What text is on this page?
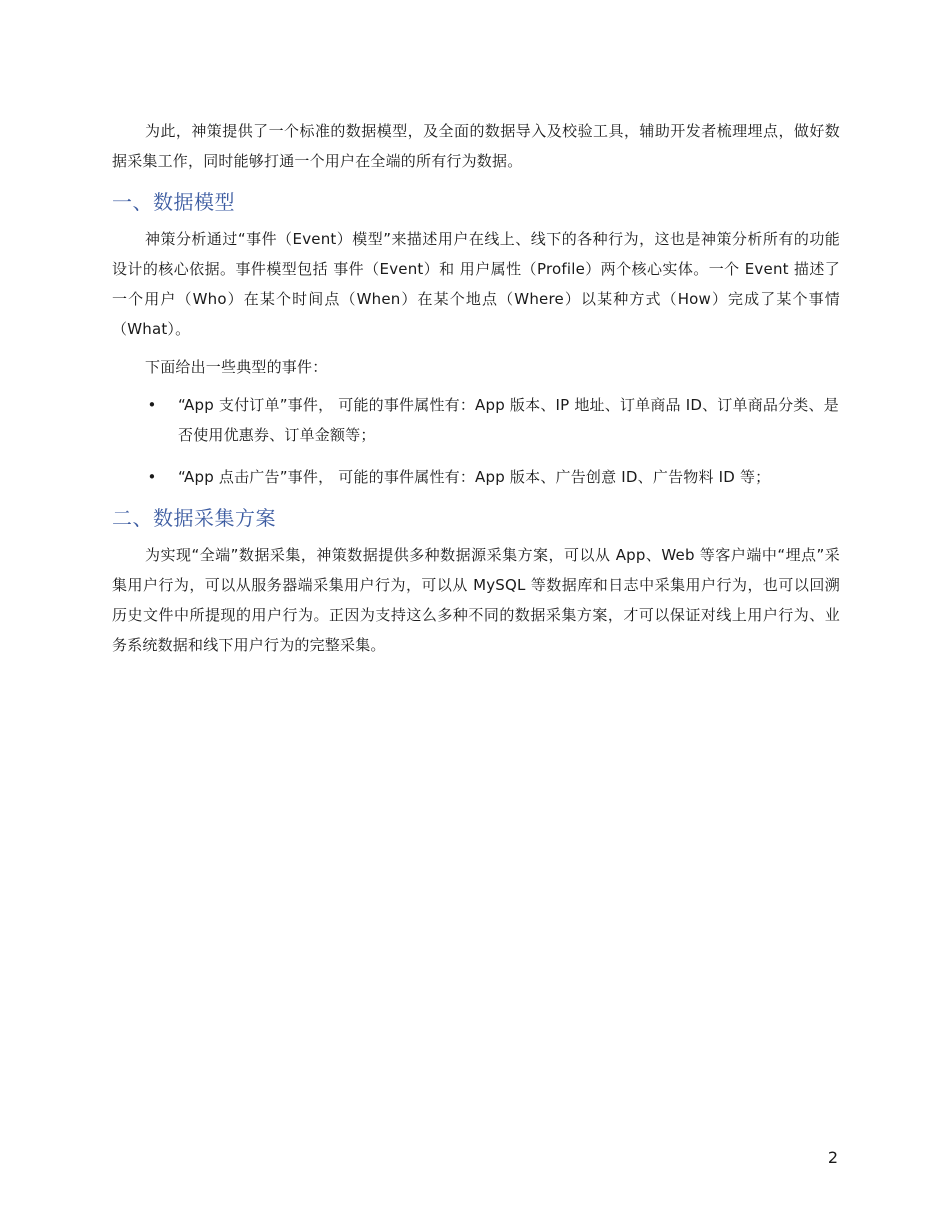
为此，神策提供了一个标准的数据模型，及全面的数据导入及校验工具，辅助开发者梳理埋点，做好数据采集工作，同时能够打通一个用户在全端的所有行为数据。

一、数据模型

神策分析通过“事件（Event）模型”来描述用户在线上、线下的各种行为，这也是神策分析所有的功能设计的核心依据。事件模型包括 事件（Event）和 用户属性（Profile）两个核心实体。一个 Event 描述了一个用户（Who）在某个时间点（When）在某个地点（Where）以某种方式（How）完成了某个事情（What）。

下面给出一些典型的事件：

• “App 支付订单”事件， 可能的事件属性有：App 版本、IP 地址、订单商品 ID、订单商品分类、是否使用优惠券、订单金额等；
• “App 点击广告”事件， 可能的事件属性有：App 版本、广告创意 ID、广告物料 ID 等；
二、数据采集方案

为实现“全端”数据采集，神策数据提供多种数据源采集方案，可以从 App、Web 等客户端中“埋点”采集用户行为，可以从服务器端采集用户行为，可以从 MySQL 等数据库和日志中采集用户行为，也可以回溯历史文件中所提现的用户行为。正因为支持这么多种不同的数据采集方案，才可以保证对线上用户行为、业务系统数据和线下用户行为的完整采集。

2
